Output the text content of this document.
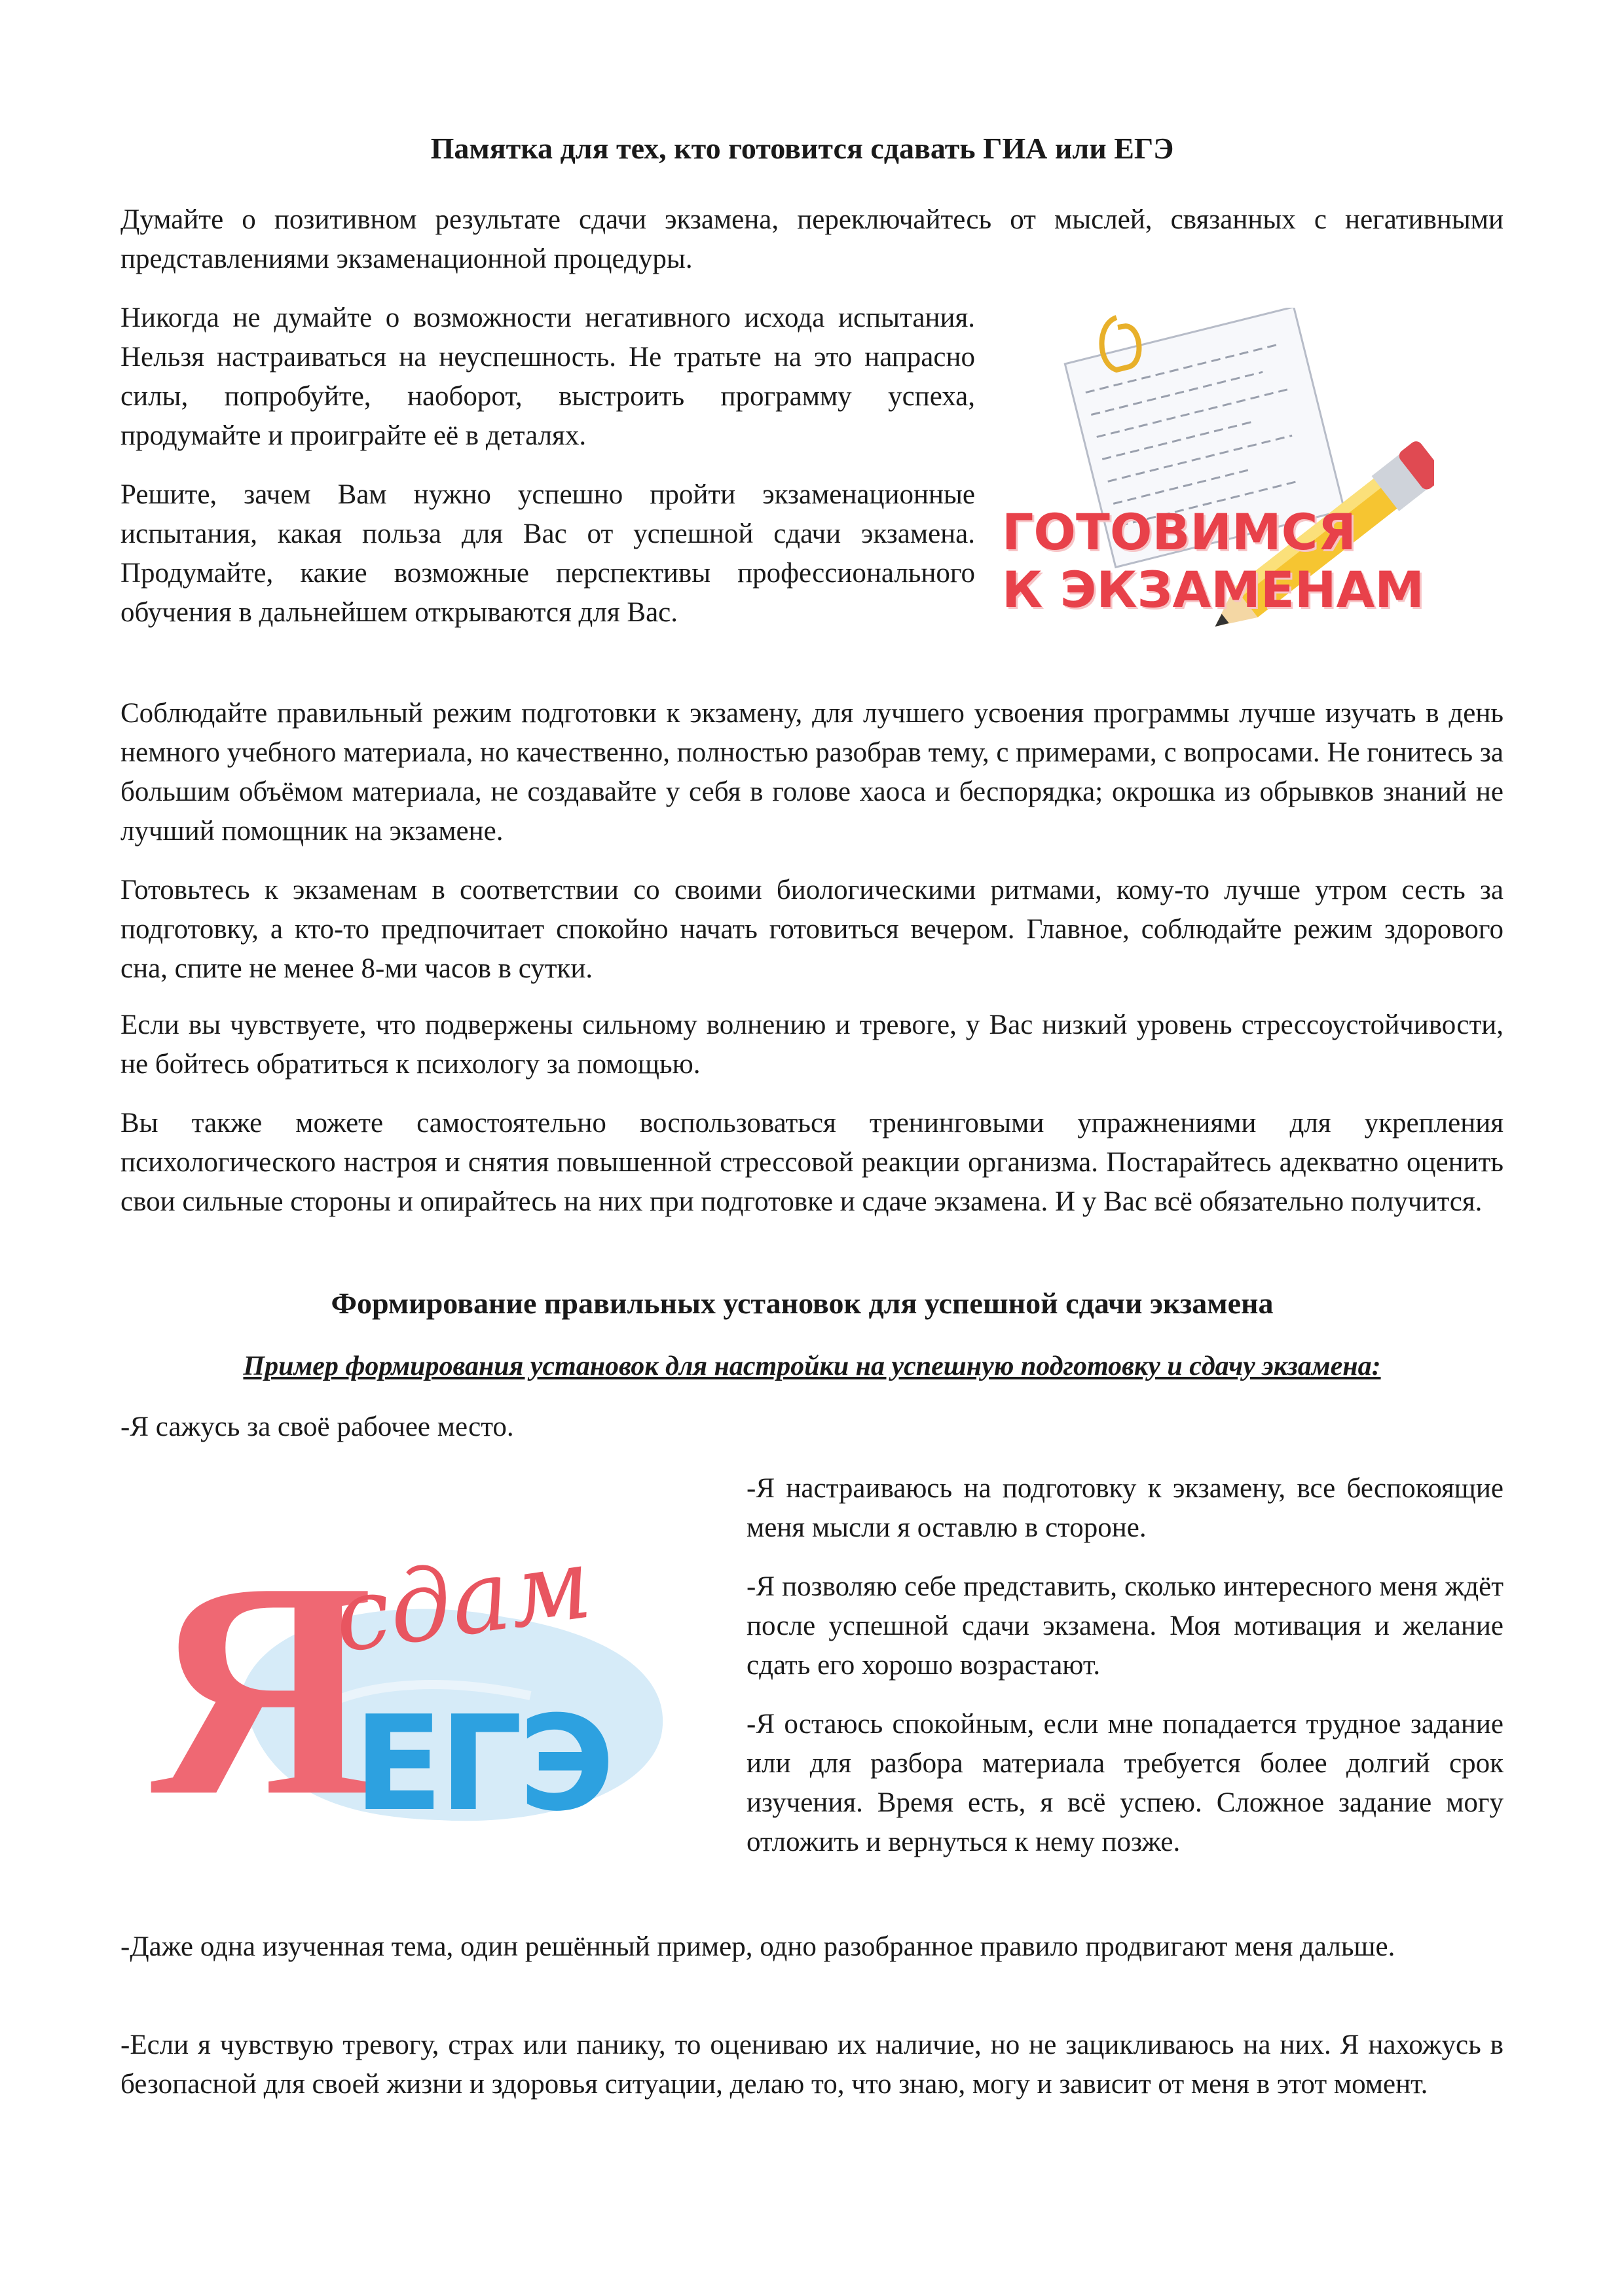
Памятка для тех, кто готовится сдавать ГИА или ЕГЭ

Думайте о позитивном результате сдачи экзамена, переключайтесь от мыслей, связанных с негативными представлениями экзаменационной процедуры.

Никогда не думайте о возможности негативного исхода испытания. Нельзя настраиваться на неуспешность. Не тратьте на это напрасно силы, попробуйте, наоборот, выстроить программу успеха, продумайте и проиграйте её в деталях.

Решите, зачем Вам нужно успешно пройти экзаменационные испытания, какая польза для Вас от успешной сдачи экзамена. Продумайте, какие возможные перспективы профессионального обучения в дальнейшем открываются для Вас.

ГОТОВИМСЯ

К ЭКЗАМЕНАМ

Соблюдайте правильный режим подготовки к экзамену, для лучшего усвоения программы лучше изучать в день немного учебного материала, но качественно, полностью разобрав тему, с примерами, с вопросами. Не гонитесь за большим объёмом материала, не создавайте у себя в голове хаоса и беспорядка; окрошка из обрывков знаний не лучший помощник на экзамене.

Готовьтесь к экзаменам в соответствии со своими биологическими ритмами, кому-то лучше утром сесть за подготовку, а кто-то предпочитает спокойно начать готовиться вечером. Главное, соблюдайте режим здорового сна, спите не менее 8-ми часов в сутки.

Если вы чувствуете, что подвержены сильному волнению и тревоге, у Вас низкий уровень стрессоустойчивости, не бойтесь обратиться к психологу за помощью.

Вы также можете самостоятельно воспользоваться тренинговыми упражнениями для укрепления психологического настроя и снятия повышенной стрессовой реакции организма. Постарайтесь адекватно оценить свои сильные стороны и опирайтесь на них при подготовке и сдаче экзамена. И у Вас всё обязательно получится.

Формирование правильных установок для успешной сдачи экзамена

Пример формирования установок для настройки на успешную подготовку и сдачу экзамена:

-Я сажусь за своё рабочее место.

Я

сдам

ЕГЭ

-Я настраиваюсь на подготовку к экзамену, все беспокоящие меня мысли я оставлю в стороне.

-Я позволяю себе представить, сколько интересного меня ждёт после успешной сдачи экзамена. Моя мотивация и желание сдать его хорошо возрастают.

-Я остаюсь спокойным, если мне попадается трудное задание или для разбора материала требуется более долгий срок изучения. Время есть, я всё успею. Сложное задание могу отложить и вернуться к нему позже.

-Даже одна изученная тема, один решённый пример, одно разобранное правило продвигают меня дальше.

-Если я чувствую тревогу, страх или панику, то оцениваю их наличие, но не зацикливаюсь на них. Я нахожусь в безопасной для своей жизни и здоровья ситуации, делаю то, что знаю, могу и зависит от меня в этот момент.
